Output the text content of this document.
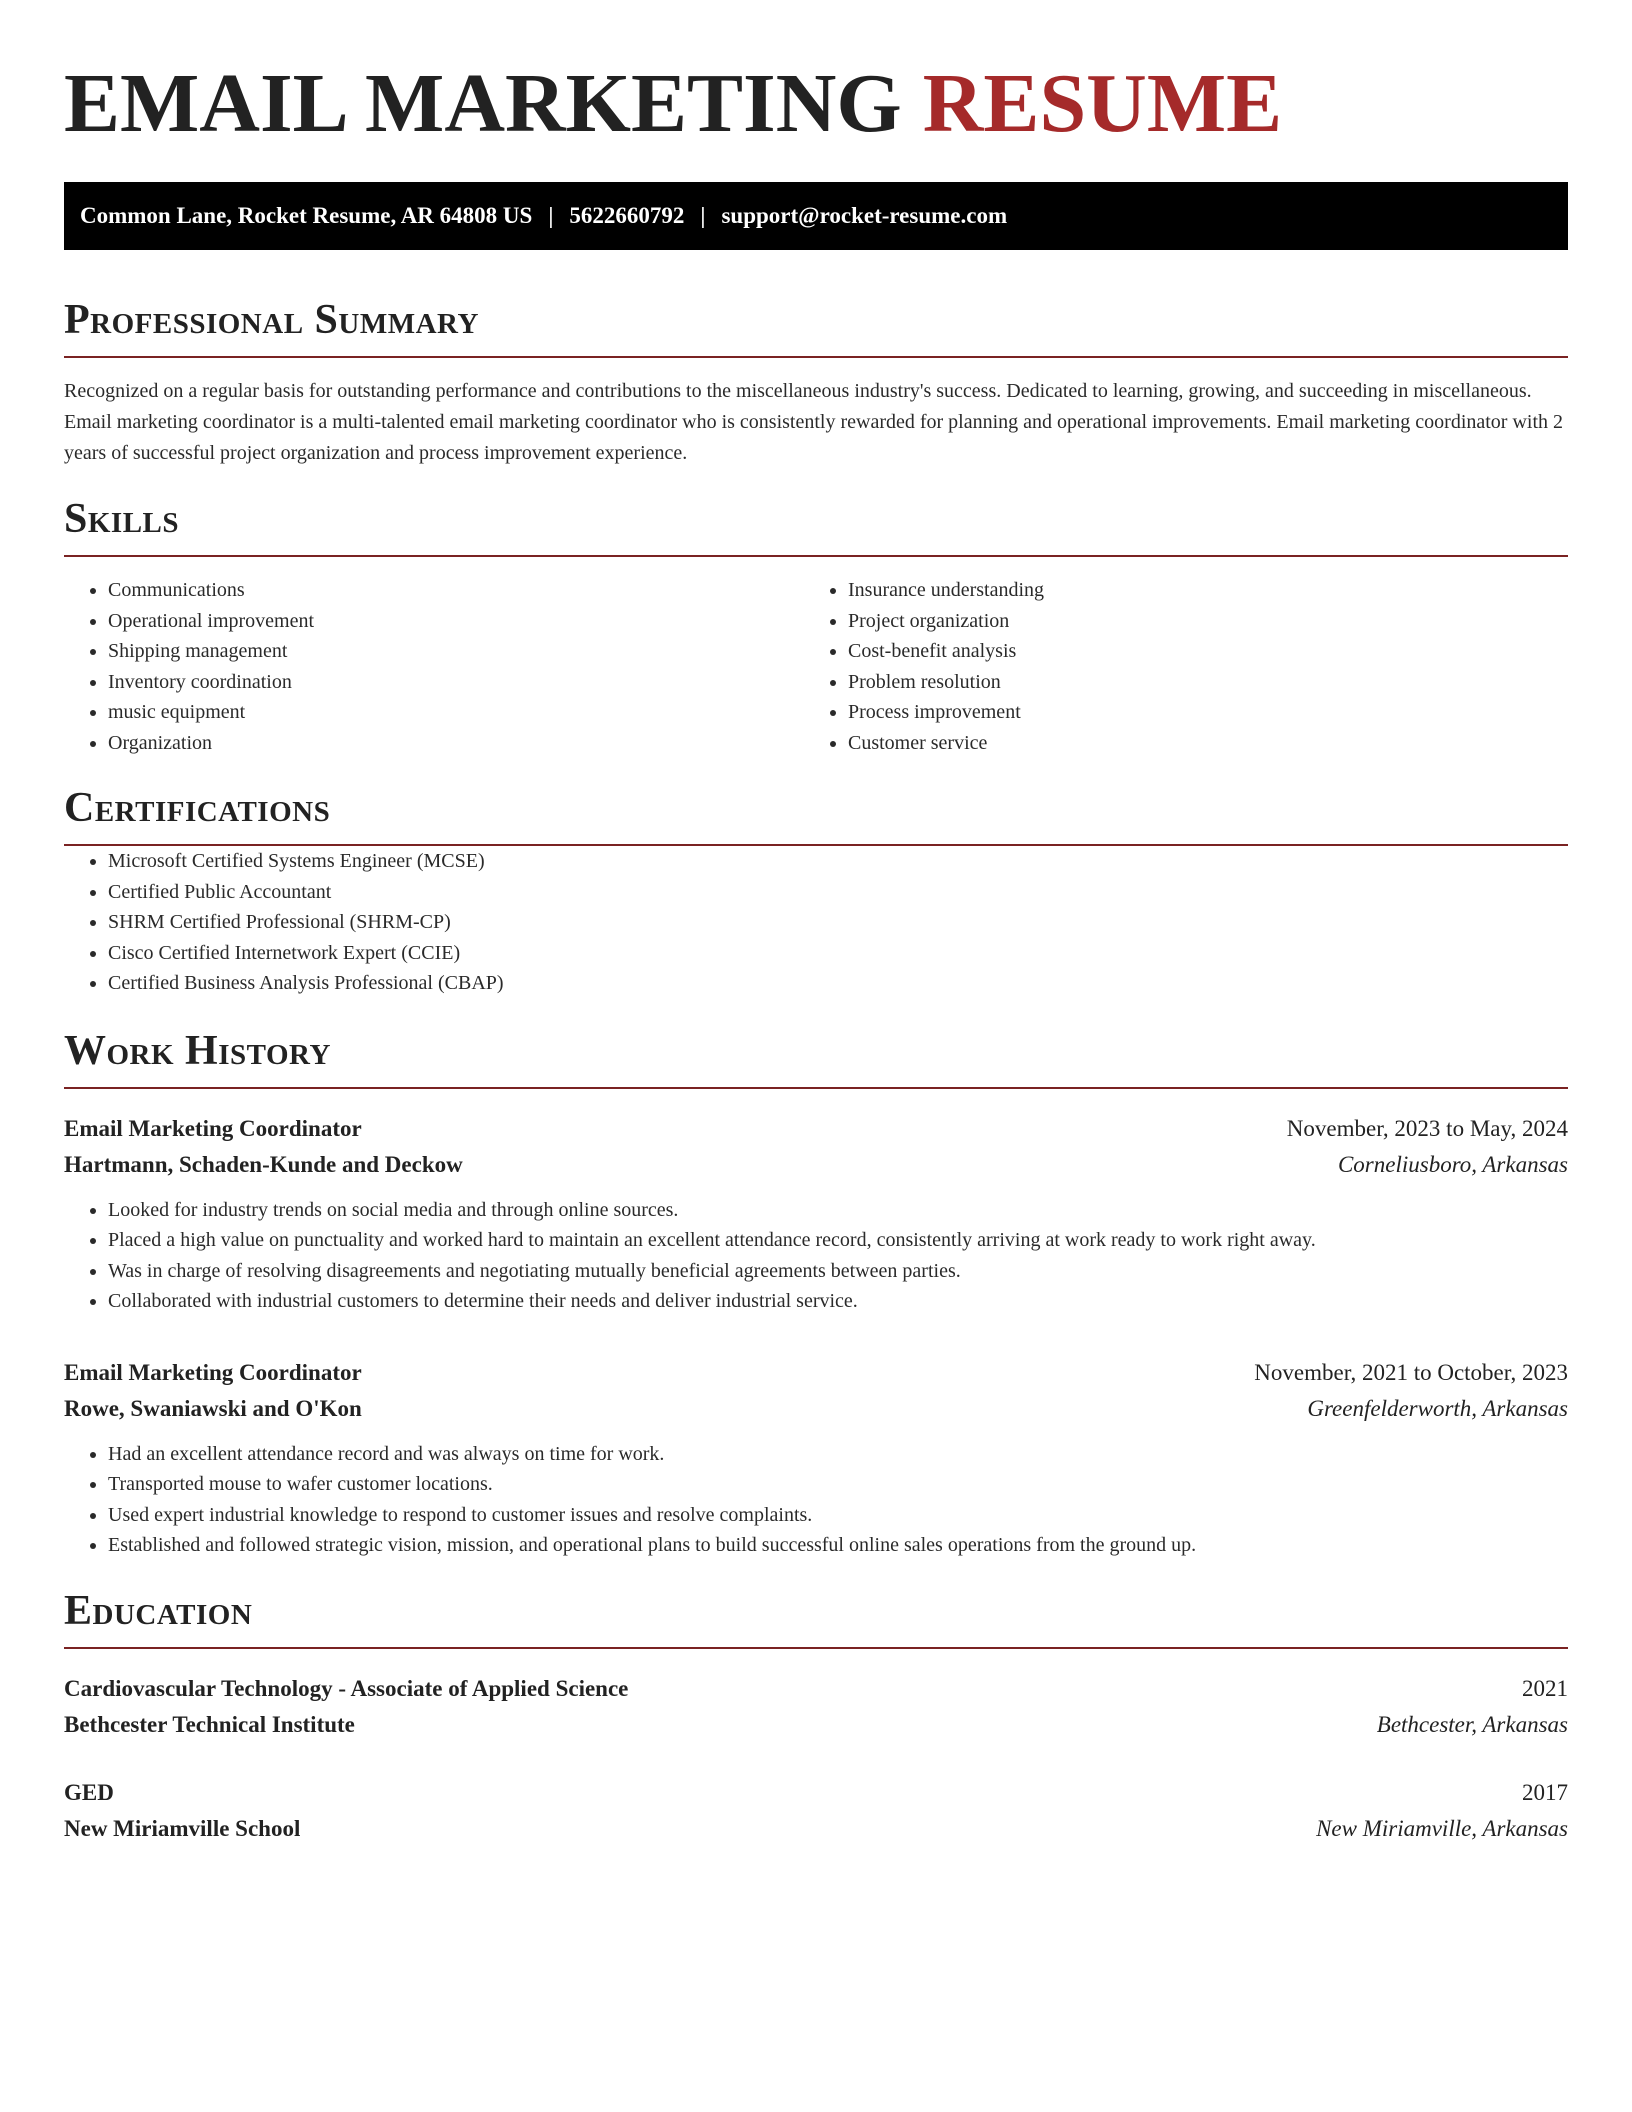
EMAIL MARKETING RESUME
Common Lane, Rocket Resume, AR 64808 US | 5622660792 | support@rocket-resume.com
Professional Summary

Recognized on a regular basis for outstanding performance and contributions to the miscellaneous industry's success. Dedicated to learning, growing, and succeeding in miscellaneous. Email marketing coordinator is a multi-talented email marketing coordinator who is consistently rewarded for planning and operational improvements. Email marketing coordinator with 2 years of successful project organization and process improvement experience.

Skills
• Communications
• Operational improvement
• Shipping management
• Inventory coordination
• music equipment
• Organization
• Insurance understanding
• Project organization
• Cost-benefit analysis
• Problem resolution
• Process improvement
• Customer service
Certifications
• Microsoft Certified Systems Engineer (MCSE)
• Certified Public Accountant
• SHRM Certified Professional (SHRM-CP)
• Cisco Certified Internetwork Expert (CCIE)
• Certified Business Analysis Professional (CBAP)
Work History
Email Marketing Coordinator	November, 2023 to May, 2024
Hartmann, Schaden-Kunde and Deckow	Corneliusboro, Arkansas
• Looked for industry trends on social media and through online sources.
• Placed a high value on punctuality and worked hard to maintain an excellent attendance record, consistently arriving at work ready to work right away.
• Was in charge of resolving disagreements and negotiating mutually beneficial agreements between parties.
• Collaborated with industrial customers to determine their needs and deliver industrial service.
Email Marketing Coordinator	November, 2021 to October, 2023
Rowe, Swaniawski and O'Kon	Greenfelderworth, Arkansas
• Had an excellent attendance record and was always on time for work.
• Transported mouse to wafer customer locations.
• Used expert industrial knowledge to respond to customer issues and resolve complaints.
• Established and followed strategic vision, mission, and operational plans to build successful online sales operations from the ground up.
Education
Cardiovascular Technology - Associate of Applied Science	2021
Bethcester Technical Institute	Bethcester, Arkansas
GED	2017
New Miriamville School	New Miriamville, Arkansas
